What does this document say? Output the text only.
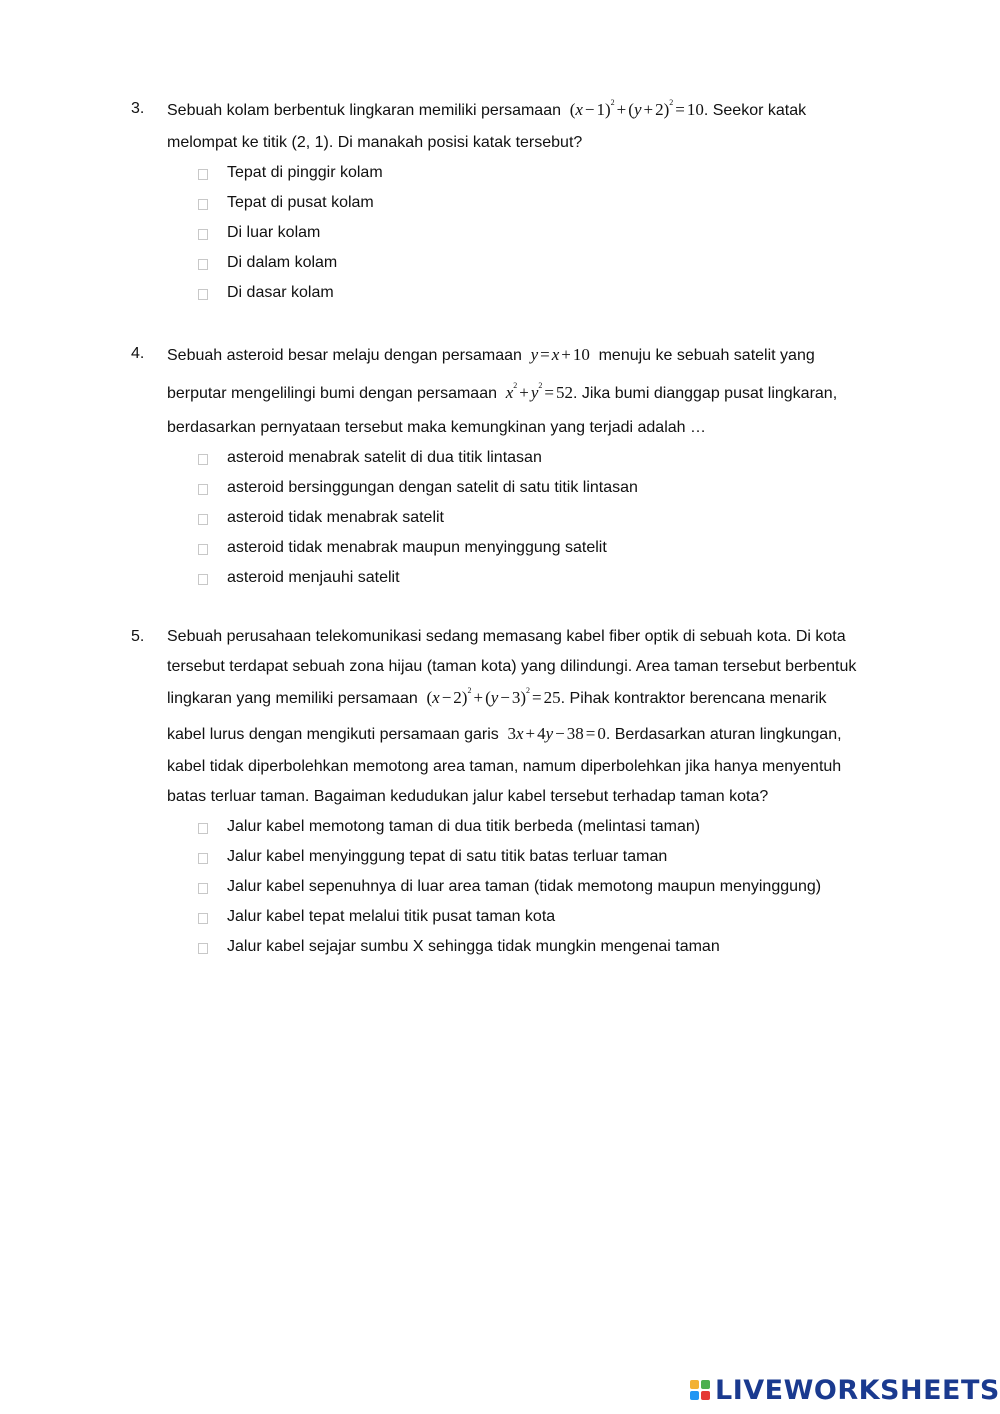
3.	Sebuah kolam berbentuk lingkaran memiliki persamaan $(x - 1)^2 + (y + 2)^2 = 10$. Seekor katak
melompat ke titik (2, 1). Di manakah posisi katak tersebut?
Tepat di pinggir kolam
Tepat di pusat kolam
Di luar kolam
Di dalam kolam
Di dasar kolam
4.	Sebuah asteroid besar melaju dengan persamaan y = x + 10 menuju ke sebuah satelit yang
berputar mengelilingi bumi dengan persamaan $x^2 + y^2 = 52$. Jika bumi dianggap pusat lingkaran,
berdasarkan pernyataan tersebut maka kemungkinan yang terjadi adalah …
asteroid menabrak satelit di dua titik lintasan
asteroid bersinggungan dengan satelit di satu titik lintasan
asteroid tidak menabrak satelit
asteroid tidak menabrak maupun menyinggung satelit
asteroid menjauhi satelit
5.	Sebuah perusahaan telekomunikasi sedang memasang kabel fiber optik di sebuah kota. Di kota
tersebut terdapat sebuah zona hijau (taman kota) yang dilindungi. Area taman tersebut berbentuk
lingkaran yang memiliki persamaan $(x - 2)^2 + (y - 3)^2 = 25$. Pihak kontraktor berencana menarik
kabel lurus dengan mengikuti persamaan garis 3x + 4y − 38 = 0. Berdasarkan aturan lingkungan,
kabel tidak diperbolehkan memotong area taman, namum diperbolehkan jika hanya menyentuh
batas terluar taman. Bagaiman kedudukan jalur kabel tersebut terhadap taman kota?
Jalur kabel memotong taman di dua titik berbeda (melintasi taman)
Jalur kabel menyinggung tepat di satu titik batas terluar taman
Jalur kabel sepenuhnya di luar area taman (tidak memotong maupun menyinggung)
Jalur kabel tepat melalui titik pusat taman kota
Jalur kabel sejajar sumbu X sehingga tidak mungkin mengenai taman
LIVEWORKSHEETS
